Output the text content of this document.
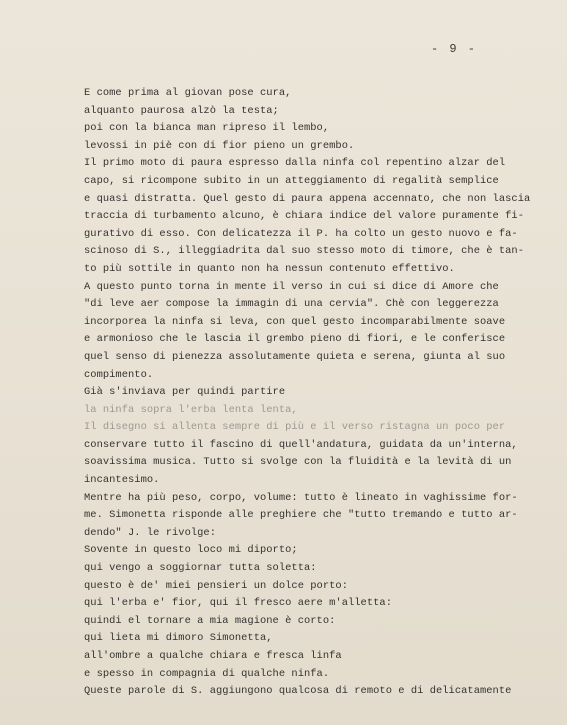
- 9 -
E come prima al giovan pose cura,
alquanto paurosa alzò la testa;
poi con la bianca man ripreso il lembo,
levossi in piè con di fior pieno un grembo.
Il primo moto di paura espresso dalla ninfa col repentino alzar del
capo, si ricompone subito in un atteggiamento di regalità semplice
e quasi distratta. Quel gesto di paura appena accennato, che non lascia
traccia di turbamento alcuno, è chiara indice del valore puramente fi-
gurativo di esso. Con delicatezza il P. ha colto un gesto nuovo e fa-
scinoso di S., illeggiadrita dal suo stesso moto di timore, che è tan-
to più sottile in quanto non ha nessun contenuto effettivo.
A questo punto torna in mente il verso in cui si dice di Amore che
"di leve aer compose la immagin di una cervia". Chè con leggerezza
incorporea la ninfa si leva, con quel gesto incomparabilmente soave
e armonioso che le lascia il grembo pieno di fiori, e le conferisce
quel senso di pienezza assolutamente quieta e serena, giunta al suo
compimento.
Già s'inviava per quindi partire
la ninfa sopra l'erba lenta lenta,
Il disegno si allenta sempre di più e il verso ristagna un poco per
conservare tutto il fascino di quell'andatura, guidata da un'interna,
soavissima musica. Tutto si svolge con la fluidità e la levità di un
incantesimo.
Mentre ha più peso, corpo, volume: tutto è lineato in vaghissime for-
me. Simonetta risponde alle preghiere che "tutto tremando e tutto ar-
dendo" J. le rivolge:
Sovente in questo loco mi diporto;
qui vengo a soggiornar tutta soletta:
questo è de' miei pensieri un dolce porto:
qui l'erba e' fior, qui il fresco aere m'alletta:
quindi el tornare a mia magione è corto:
qui lieta mi dimoro Simonetta,
all'ombre a qualche chiara e fresca linfa
e spesso in compagnia di qualche ninfa.
Queste parole di S. aggiungono qualcosa di remoto e di delicatamente
